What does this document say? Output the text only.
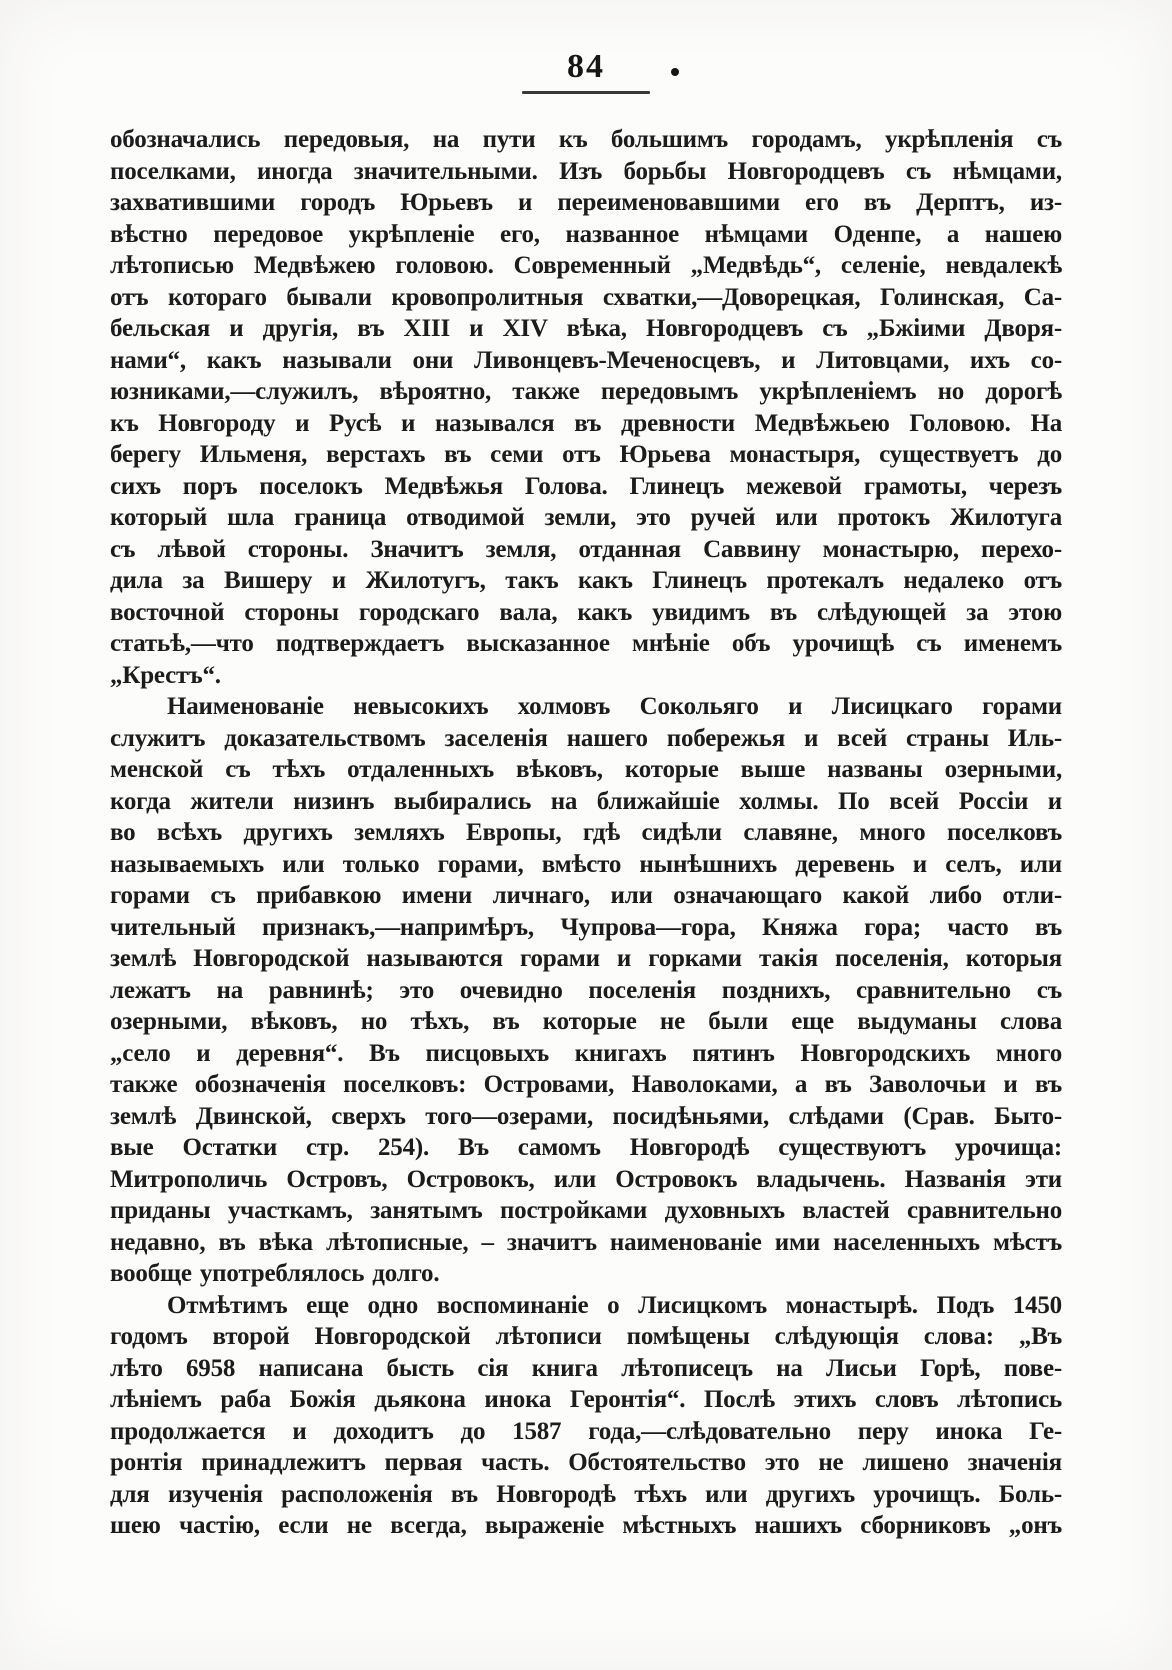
84
обозначались передовыя, на пути къ большимъ городамъ, укрѣпленія съ
поселками, иногда значительными. Изъ борьбы Новгородцевъ съ нѣмцами,
захватившими городъ Юрьевъ и переименовавшими его въ Дерптъ, из-
вѣстно передовое укрѣпленіе его, названное нѣмцами Оденпе, а нашею
лѣтописью Медвѣжею головою. Современный „Медвѣдь“, селеніе, невдалекѣ
отъ котораго бывали кровопролитныя схватки,—Доворецкая, Голинская, Са-
бельская и другія, въ XIII и XIV вѣка, Новгородцевъ съ „Бжіими Дворя-
нами“, какъ называли они Ливонцевъ-Меченосцевъ, и Литовцами, ихъ со-
юзниками,—служилъ, вѣроятно, также передовымъ укрѣпленіемъ но дорогѣ
къ Новгороду и Русѣ и назывался въ древности Медвѣжьею Головою. На
берегу Ильменя, верстахъ въ семи отъ Юрьева монастыря, существуетъ до
сихъ поръ поселокъ Медвѣжья Голова. Глинецъ межевой грамоты, черезъ
который шла граница отводимой земли, это ручей или протокъ Жилотуга
съ лѣвой стороны. Значитъ земля, отданная Саввину монастырю, перехо-
дила за Вишеру и Жилотугъ, такъ какъ Глинецъ протекалъ недалеко отъ
восточной стороны городскаго вала, какъ увидимъ въ слѣдующей за этою
статьѣ,—что подтверждаетъ высказанное мнѣніе объ урочищѣ съ именемъ
„Крестъ“.
Наименованіе невысокихъ холмовъ Сокольяго и Лисицкаго горами
служитъ доказательствомъ заселенія нашего побережья и всей страны Иль-
менской съ тѣхъ отдаленныхъ вѣковъ, которые выше названы озерными,
когда жители низинъ выбирались на ближайшіе холмы. По всей Россіи и
во всѣхъ другихъ земляхъ Европы, гдѣ сидѣли славяне, много поселковъ
называемыхъ или только горами, вмѣсто нынѣшнихъ деревень и селъ, или
горами съ прибавкою имени личнаго, или означающаго какой либо отли-
чительный признакъ,—напримѣръ, Чупрова—гора, Княжа гора; часто въ
землѣ Новгородской называются горами и горками такія поселенія, которыя
лежатъ на равнинѣ; это очевидно поселенія позднихъ, сравнительно съ
озерными, вѣковъ, но тѣхъ, въ которые не были еще выдуманы слова
„село и деревня“. Въ писцовыхъ книгахъ пятинъ Новгородскихъ много
также обозначенія поселковъ: Островами, Наволоками, а въ Заволочьи и въ
землѣ Двинской, сверхъ того—озерами, посидѣньями, слѣдами (Срав. Быто-
вые Остатки стр. 254). Въ самомъ Новгородѣ существуютъ урочища:
Митрополичь Островъ, Островокъ, или Островокъ владычень. Названія эти
приданы участкамъ, занятымъ постройками духовныхъ властей сравнительно
недавно, въ вѣка лѣтописные, – значитъ наименованіе ими населенныхъ мѣстъ
вообще употреблялось долго.
Отмѣтимъ еще одно воспоминаніе о Лисицкомъ монастырѣ. Подъ 1450
годомъ второй Новгородской лѣтописи помѣщены слѣдующія слова: „Въ
лѣто 6958 написана бысть сія книга лѣтописецъ на Лисьи Горѣ, пове-
лѣніемъ раба Божія дьякона инока Геронтія“. Послѣ этихъ словъ лѣтопись
продолжается и доходитъ до 1587 года,—слѣдовательно перу инока Ге-
ронтія принадлежитъ первая часть. Обстоятельство это не лишено значенія
для изученія расположенія въ Новгородѣ тѣхъ или другихъ урочищъ. Боль-
шею частію, если не всегда, выраженіе мѣстныхъ нашихъ сборниковъ „онъ
